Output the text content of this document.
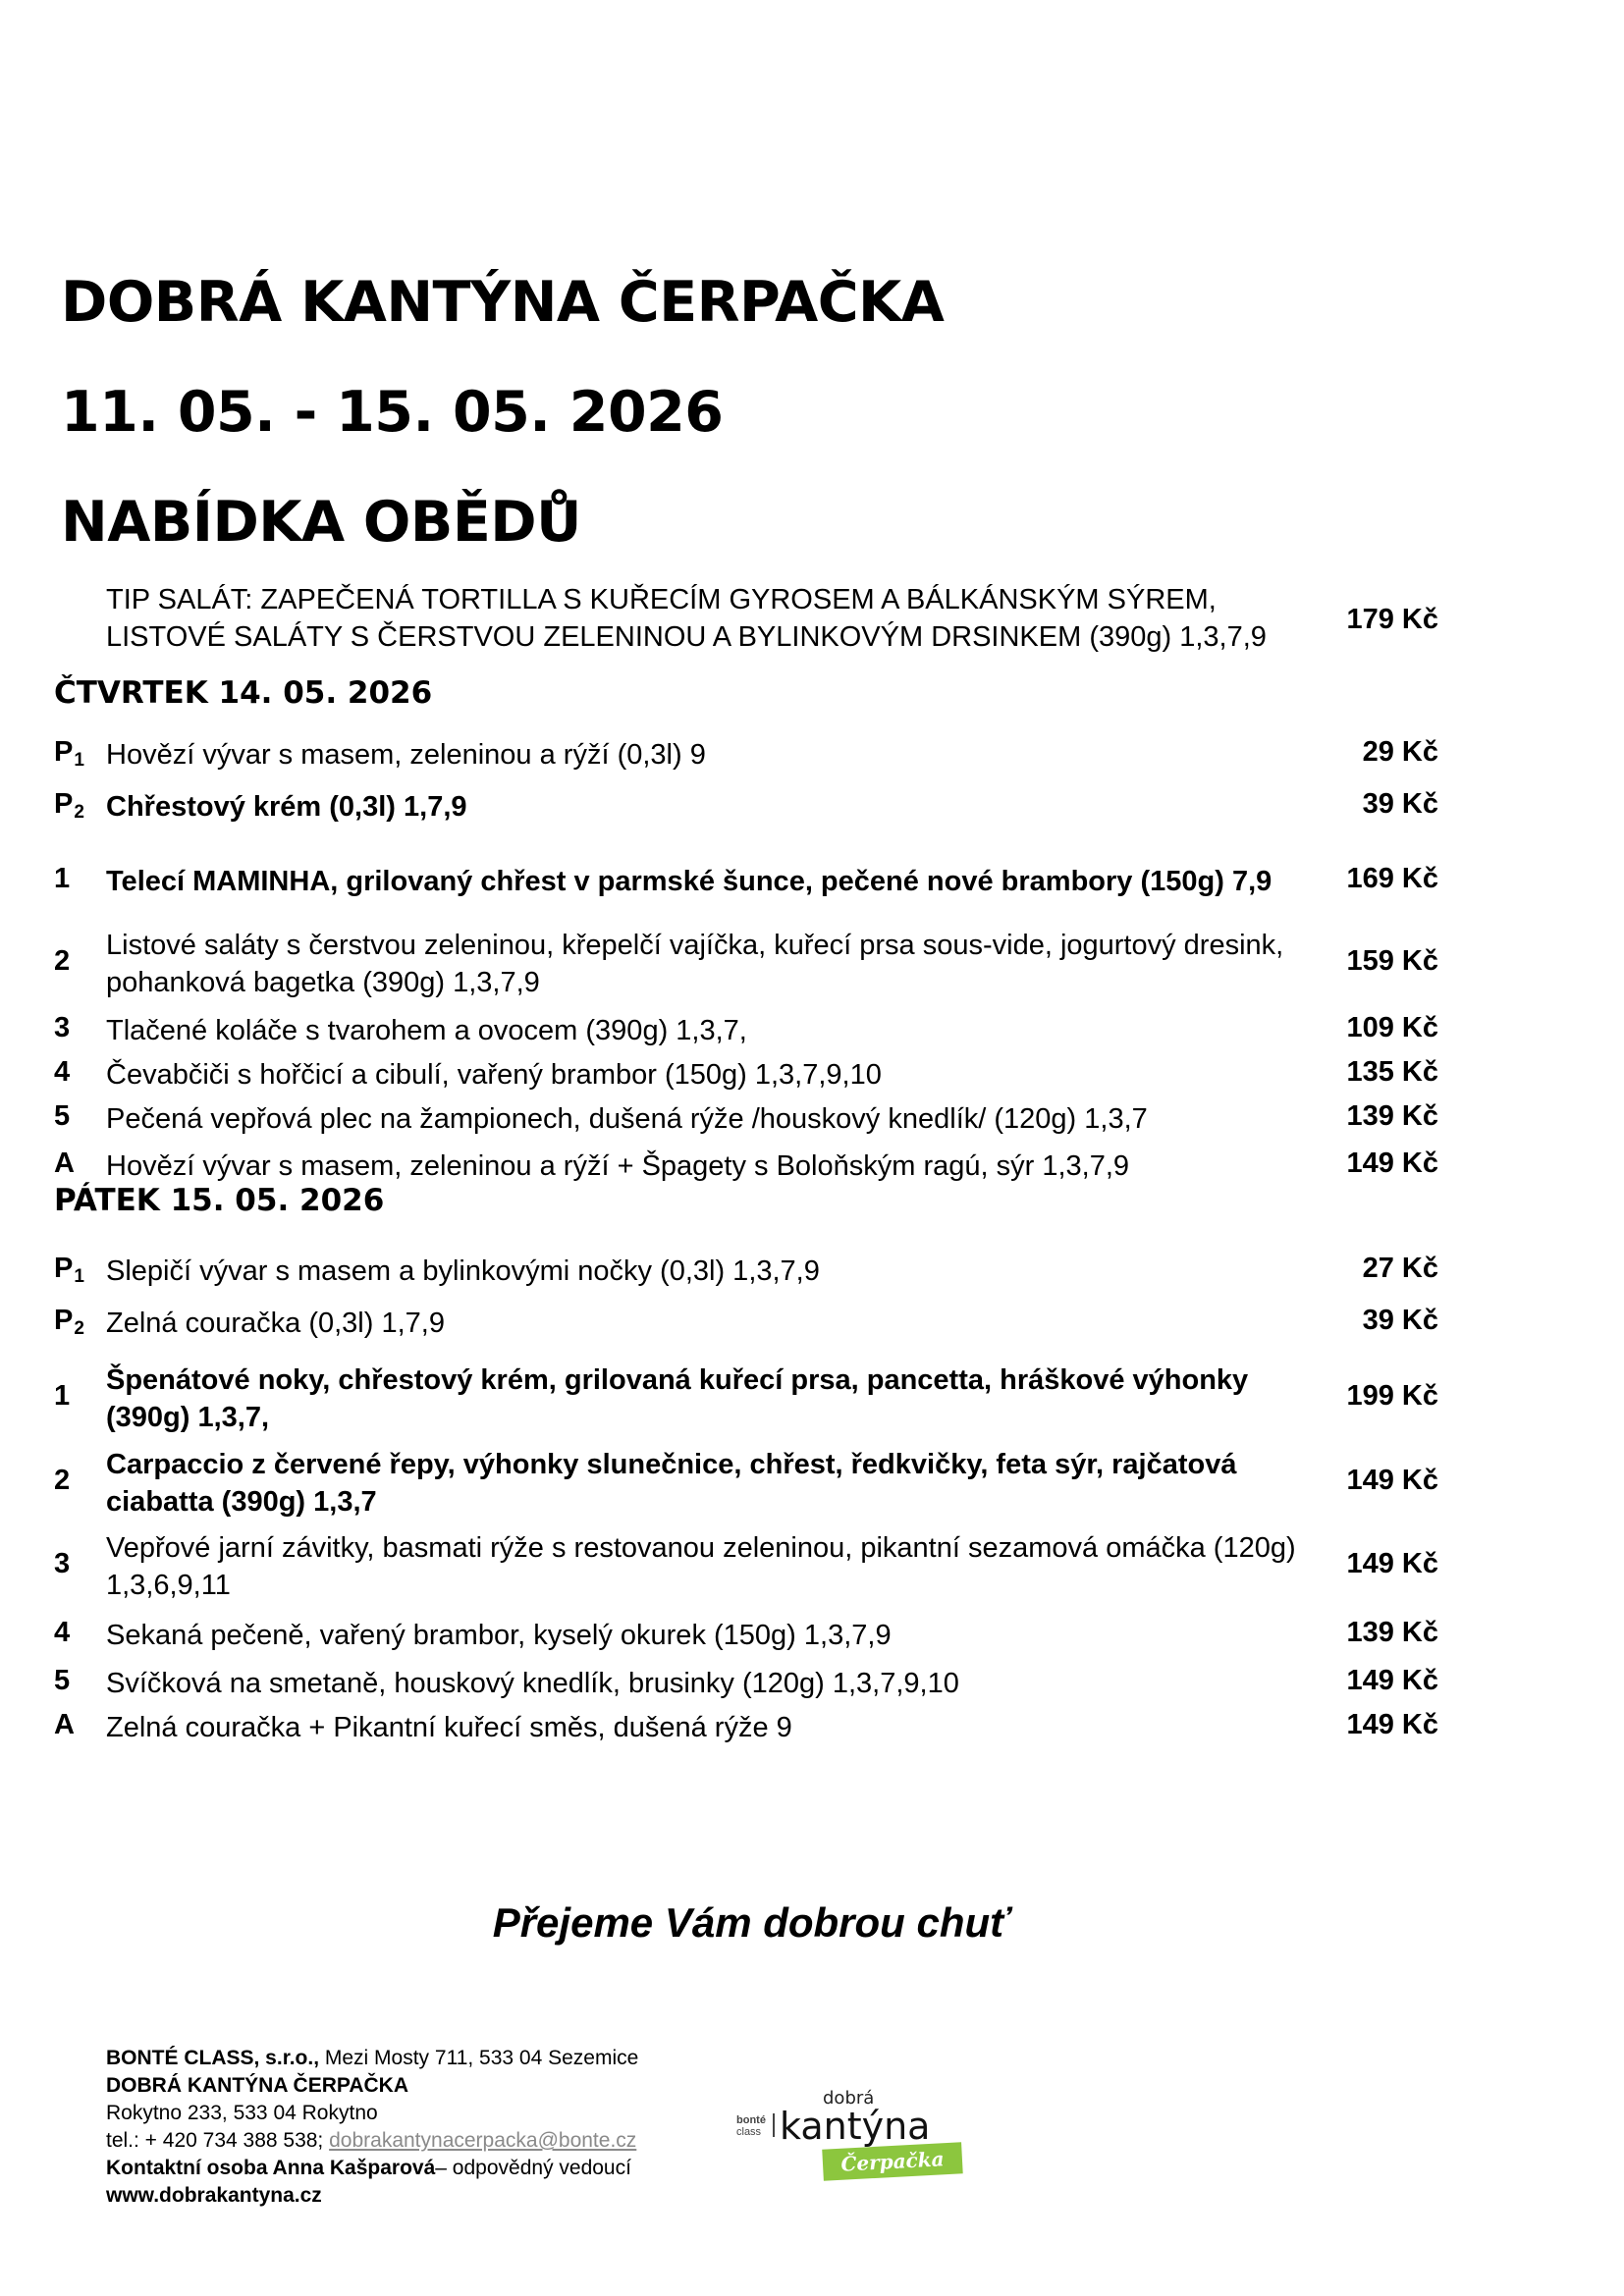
DOBRÁ KANTÝNA ČERPAČKA
11. 05. - 15. 05. 2026
NABÍDKA OBĚDŮ
TIP SALÁT: ZAPEČENÁ TORTILLA S KUŘECÍM GYROSEM A BÁLKÁNSKÝM SÝREM,
LISTOVÉ SALÁTY S ČERSTVOU ZELENINOU A BYLINKOVÝM DRSINKEM (390g) 1,3,7,9
179 Kč
ČTVRTEK 14. 05. 2026
$P_1$ Hovězí vývar s masem, zeleninou a rýží (0,3l) 9	29 Kč
$P_2$ Chřestový krém (0,3l) 1,7,9	39 Kč
1 Telecí MAMINHA, grilovaný chřest v parmské šunce, pečené nové brambory (150g) 7,9	169 Kč
2 Listové saláty s čerstvou zeleninou, křepelčí vajíčka, kuřecí prsa sous-vide, jogurtový dresink, pohanková bagetka (390g) 1,3,7,9
159 Kč
3 Tlačené koláče s tvarohem a ovocem (390g) 1,3,7,	109 Kč
4 Čevabčiči s hořčicí a cibulí, vařený brambor (150g) 1,3,7,9,10	135 Kč
5 Pečená vepřová plec na žampionech, dušená rýže /houskový knedlík/ (120g) 1,3,7	139 Kč
A Hovězí vývar s masem, zeleninou a rýží + Špagety s Boloňským ragú, sýr 1,3,7,9	149 Kč
PÁTEK 15. 05. 2026
$P_1$ Slepičí vývar s masem a bylinkovými nočky (0,3l) 1,3,7,9	27 Kč
$P_2$ Zelná couračka (0,3l) 1,7,9	39 Kč
1 Špenátové noky, chřestový krém, grilovaná kuřecí prsa, pancetta, hráškové výhonky (390g) 1,3,7,
199 Kč
2 Carpaccio z červené řepy, výhonky slunečnice, chřest, ředkvičky, feta sýr, rajčatová ciabatta (390g) 1,3,7
149 Kč
3 Vepřové jarní závitky, basmati rýže s restovanou zeleninou, pikantní sezamová omáčka (120g) 1,3,6,9,11
149 Kč
4 Sekaná pečeně, vařený brambor, kyselý okurek (150g) 1,3,7,9	139 Kč
5 Svíčková na smetaně, houskový knedlík, brusinky (120g) 1,3,7,9,10	149 Kč
A Zelná couračka + Pikantní kuřecí směs, dušená rýže 9	149 Kč
Přejeme Vám dobrou chuť
BONTÉ CLASS, s.r.o., Mezi Mosty 711, 533 04 Sezemice
DOBRÁ KANTÝNA ČERPAČKA
Rokytno 233, 533 04 Rokytno
tel.: + 420 734 388 538; dobrakantynacerpacka@bonte.cz
Kontaktní osoba Anna Kašparová– odpovědný vedoucí
www.dobrakantyna.cz
bonté
class
dobrá
kantýna
Čerpačka
